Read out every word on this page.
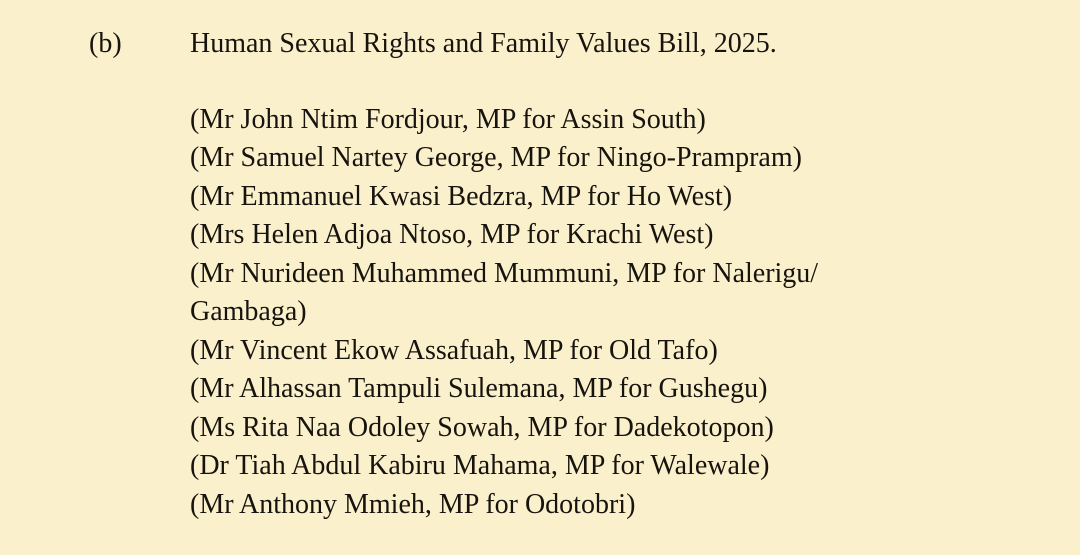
(b)	Human Sexual Rights and Family Values Bill, 2025.
(Mr John Ntim Fordjour, MP for Assin South)
(Mr Samuel Nartey George, MP for Ningo-Prampram)
(Mr Emmanuel Kwasi Bedzra, MP for Ho West)
(Mrs Helen Adjoa Ntoso, MP for Krachi West)
(Mr Nurideen Muhammed Mummuni, MP for Nalerigu/
Gambaga)
(Mr Vincent Ekow Assafuah, MP for Old Tafo)
(Mr Alhassan Tampuli Sulemana, MP for Gushegu)
(Ms Rita Naa Odoley Sowah, MP for Dadekotopon)
(Dr Tiah Abdul Kabiru Mahama, MP for Walewale)
(Mr Anthony Mmieh, MP for Odotobri)
